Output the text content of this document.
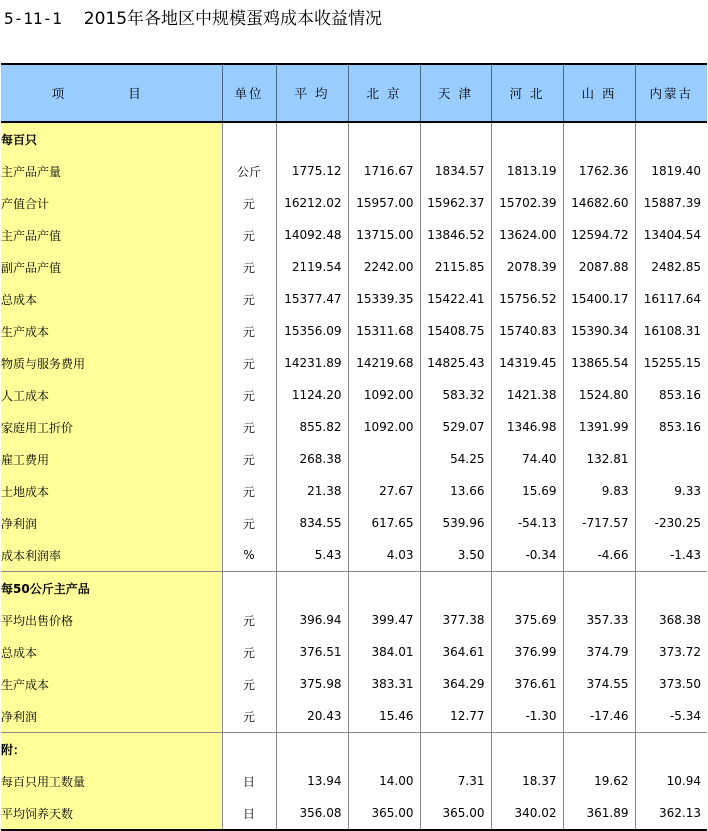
5-11-1 2015年各地区中规模蛋鸡成本收益情况
项 目	单位	平 均	北 京	天 津	河 北	山 西	内蒙古
每百只							
主产品产量	公斤	1775.12	1716.67	1834.57	1813.19	1762.36	1819.40
产值合计	元	16212.02	15957.00	15962.37	15702.39	14682.60	15887.39
主产品产值	元	14092.48	13715.00	13846.52	13624.00	12594.72	13404.54
副产品产值	元	2119.54	2242.00	2115.85	2078.39	2087.88	2482.85
总成本	元	15377.47	15339.35	15422.41	15756.52	15400.17	16117.64
生产成本	元	15356.09	15311.68	15408.75	15740.83	15390.34	16108.31
物质与服务费用	元	14231.89	14219.68	14825.43	14319.45	13865.54	15255.15
人工成本	元	1124.20	1092.00	583.32	1421.38	1524.80	853.16
家庭用工折价	元	855.82	1092.00	529.07	1346.98	1391.99	853.16
雇工费用	元	268.38		54.25	74.40	132.81	
土地成本	元	21.38	27.67	13.66	15.69	9.83	9.33
净利润	元	834.55	617.65	539.96	-54.13	-717.57	-230.25
成本利润率	%	5.43	4.03	3.50	-0.34	-4.66	-1.43
每50公斤主产品							
平均出售价格	元	396.94	399.47	377.38	375.69	357.33	368.38
总成本	元	376.51	384.01	364.61	376.99	374.79	373.72
生产成本	元	375.98	383.31	364.29	376.61	374.55	373.50
净利润	元	20.43	15.46	12.77	-1.30	-17.46	-5.34
附：							
每百只用工数量	日	13.94	14.00	7.31	18.37	19.62	10.94
平均饲养天数	日	356.08	365.00	365.00	340.02	361.89	362.13
